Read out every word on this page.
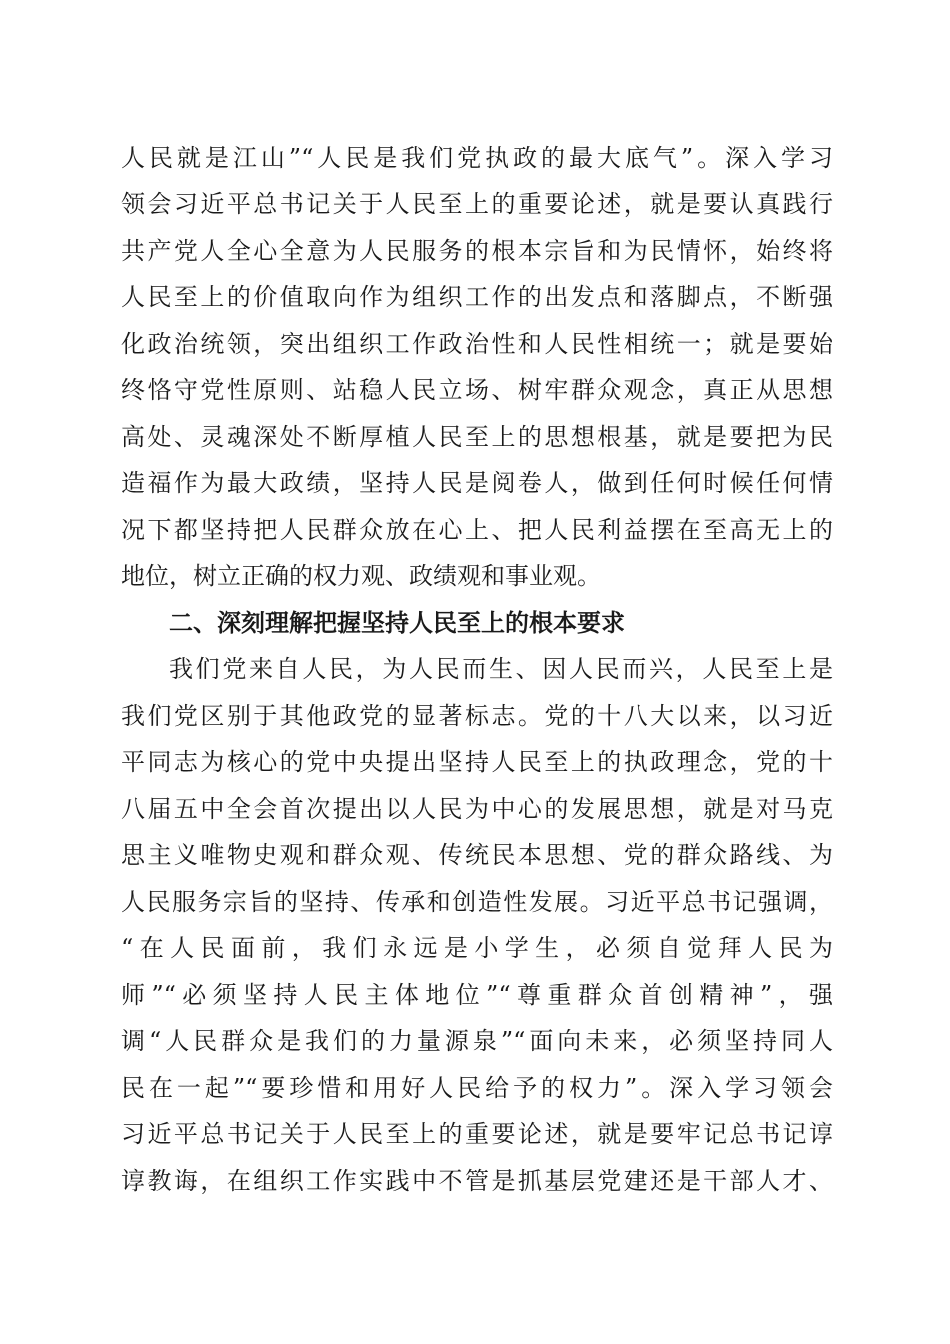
人民就是江山”“人民是我们党执政的最大底气”。深入学习
领会习近平总书记关于人民至上的重要论述，就是要认真践行
共产党人全心全意为人民服务的根本宗旨和为民情怀，始终将
人民至上的价值取向作为组织工作的出发点和落脚点，不断强
化政治统领，突出组织工作政治性和人民性相统一；就是要始
终恪守党性原则、站稳人民立场、树牢群众观念，真正从思想
高处、灵魂深处不断厚植人民至上的思想根基，就是要把为民
造福作为最大政绩，坚持人民是阅卷人，做到任何时候任何情
况下都坚持把人民群众放在心上、把人民利益摆在至高无上的
地位，树立正确的权力观、政绩观和事业观。
二、深刻理解把握坚持人民至上的根本要求
我们党来自人民，为人民而生、因人民而兴，人民至上是
我们党区别于其他政党的显著标志。党的十八大以来，以习近
平同志为核心的党中央提出坚持人民至上的执政理念，党的十
八届五中全会首次提出以人民为中心的发展思想，就是对马克
思主义唯物史观和群众观、传统民本思想、党的群众路线、为
人民服务宗旨的坚持、传承和创造性发展。习近平总书记强调，
“在人民面前，我们永远是小学生，必须自觉拜人民为
师”“必须坚持人民主体地位”“尊重群众首创精神”，强
调“人民群众是我们的力量源泉”“面向未来，必须坚持同人
民在一起”“要珍惜和用好人民给予的权力”。深入学习领会
习近平总书记关于人民至上的重要论述，就是要牢记总书记谆
谆教诲，在组织工作实践中不管是抓基层党建还是干部人才、
